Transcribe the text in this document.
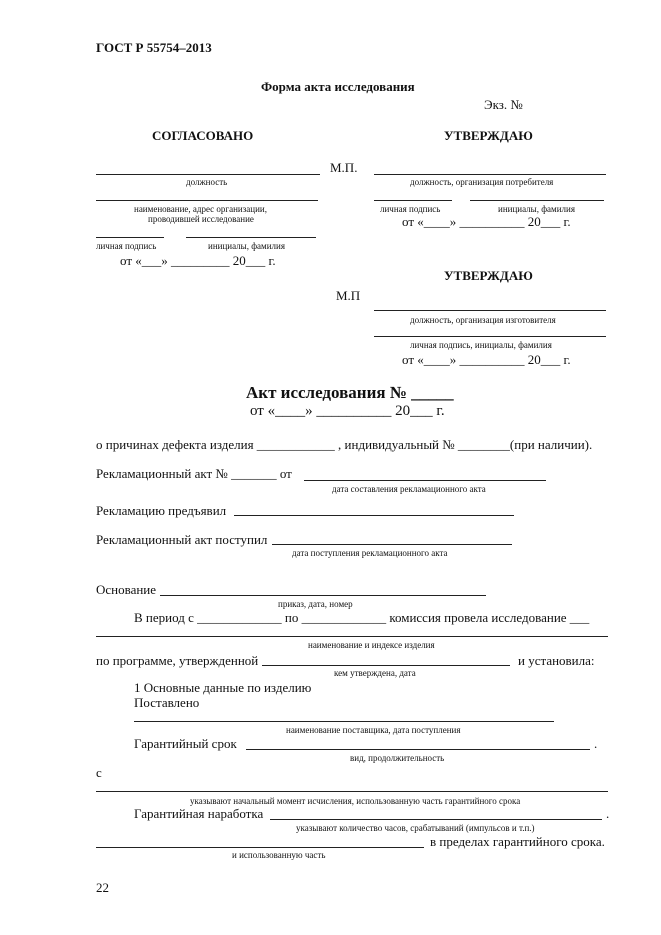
ГОСТ Р 55754–2013
Форма акта исследования
Экз. №
СОГЛАСОВАНО
М.П.
должность
наименование, адрес организации,
проводившей исследование
личная подпись	инициалы, фамилия
от «___» _________ 20___ г.
УТВЕРЖДАЮ
должность, организация потребителя
личная подпись	инициалы, фамилия
от «____» __________ 20___ г.
УТВЕРЖДАЮ
М.П
должность, организация изготовителя
личная подпись, инициалы, фамилия
от «____» __________ 20___ г.
Акт исследования № _____
от «____» __________ 20___ г.
о причинах дефекта изделия ____________ , индивидуальный № ________(при наличии).
Рекламационный акт № _______ от
дата составления рекламационного акта
Рекламацию предъявил
Рекламационный акт поступил
дата поступления рекламационного акта
Основание
приказ, дата, номер
В период с _____________ по _____________ комиссия провела исследование ___
наименование и индексе изделия
по программе, утвержденной	и установила:
кем утверждена, дата
1 Основные данные по изделию
Поставлено
наименование поставщика, дата поступления
Гарантийный срок	.
вид, продолжительность
с
указывают начальный момент исчисления, использованную часть гарантийного срока
Гарантийная наработка	.
указывают количество часов, срабатываний (импульсов и т.п.)
в пределах гарантийного срока.
и использованную часть
22
